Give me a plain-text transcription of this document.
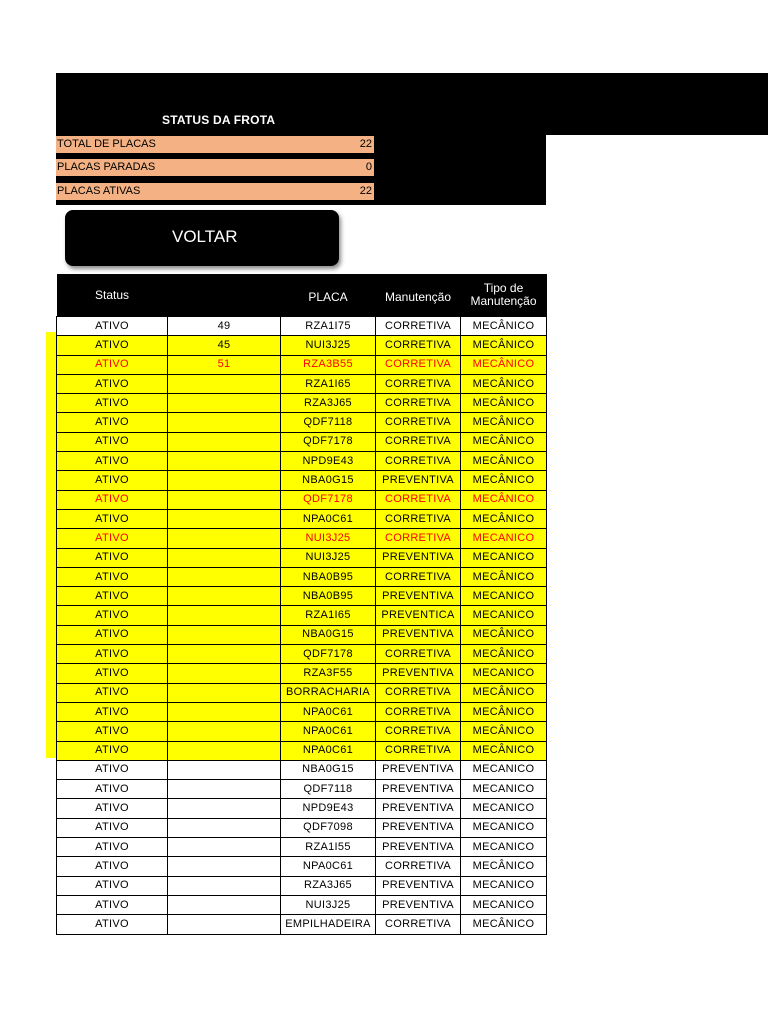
STATUS DA FROTA
TOTAL DE PLACAS	22
PLACAS PARADAS	0
PLACAS ATIVAS	22
VOLTAR
Status		PLACA	Manutenção	Tipo de Manutenção
ATIVO	49	RZA1I75	CORRETIVA	MECÂNICO
ATIVO	45	NUI3J25	CORRETIVA	MECÂNICO
ATIVO	51	RZA3B55	CORRETIVA	MECÂNICO
ATIVO		RZA1I65	CORRETIVA	MECÂNICO
ATIVO		RZA3J65	CORRETIVA	MECÂNICO
ATIVO		QDF7118	CORRETIVA	MECÂNICO
ATIVO		QDF7178	CORRETIVA	MECÂNICO
ATIVO		NPD9E43	CORRETIVA	MECÂNICO
ATIVO		NBA0G15	PREVENTIVA	MECÂNICO
ATIVO		QDF7178	CORRETIVA	MECÂNICO
ATIVO		NPA0C61	CORRETIVA	MECÂNICO
ATIVO		NUI3J25	CORRETIVA	MECANICO
ATIVO		NUI3J25	PREVENTIVA	MECANICO
ATIVO		NBA0B95	CORRETIVA	MECÂNICO
ATIVO		NBA0B95	PREVENTIVA	MECANICO
ATIVO		RZA1I65	PREVENTICA	MECANICO
ATIVO		NBA0G15	PREVENTIVA	MECÂNICO
ATIVO		QDF7178	CORRETIVA	MECÂNICO
ATIVO		RZA3F55	PREVENTIVA	MECANICO
ATIVO		BORRACHARIA	CORRETIVA	MECÂNICO
ATIVO		NPA0C61	CORRETIVA	MECÂNICO
ATIVO		NPA0C61	CORRETIVA	MECÂNICO
ATIVO		NPA0C61	CORRETIVA	MECÂNICO
ATIVO		NBA0G15	PREVENTIVA	MECANICO
ATIVO		QDF7118	PREVENTIVA	MECANICO
ATIVO		NPD9E43	PREVENTIVA	MECANICO
ATIVO		QDF7098	PREVENTIVA	MECANICO
ATIVO		RZA1I55	PREVENTIVA	MECANICO
ATIVO		NPA0C61	CORRETIVA	MECÂNICO
ATIVO		RZA3J65	PREVENTIVA	MECANICO
ATIVO		NUI3J25	PREVENTIVA	MECANICO
ATIVO		EMPILHADEIRA	CORRETIVA	MECÂNICO
